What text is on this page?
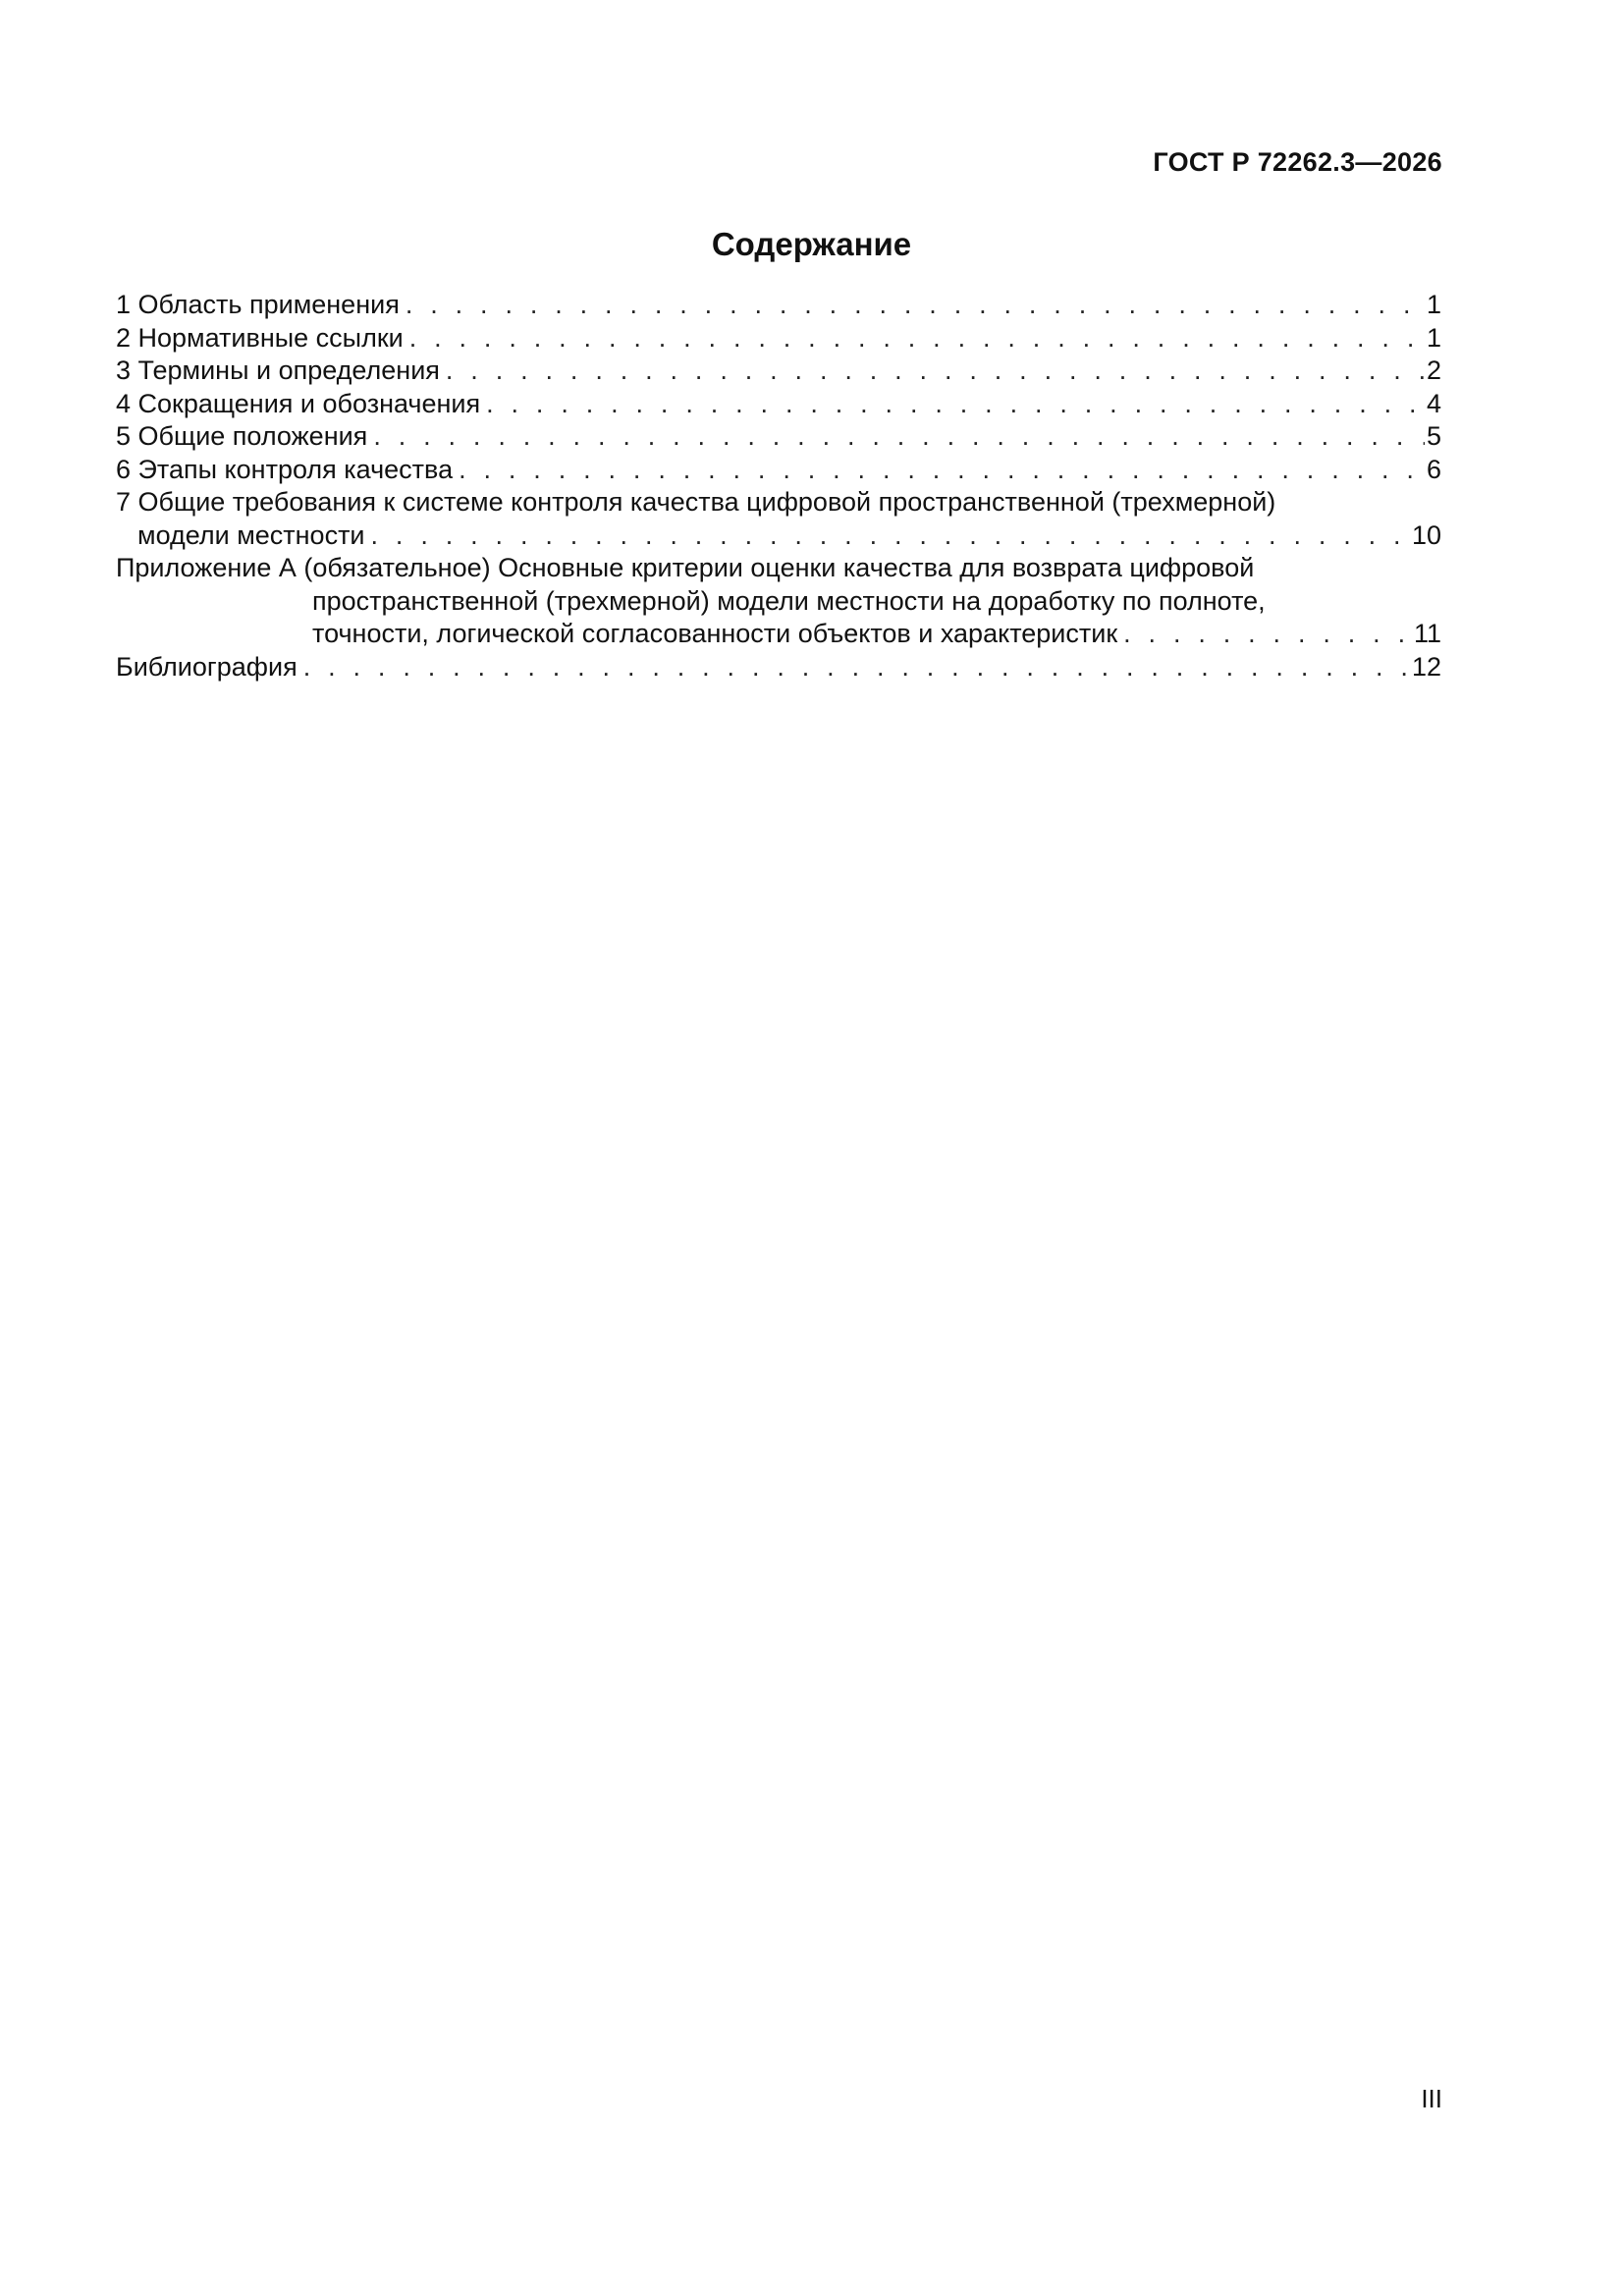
ГОСТ Р 72262.3—2026
Содержание
1 Область применения . . .	1
2 Нормативные ссылки . . .	1
3 Термины и определения . . .	2
4 Сокращения и обозначения . . .	4
5 Общие положения . . .	5
6 Этапы контроля качества . . .	6
7 Общие требования к системе контроля качества цифровой пространственной (трехмерной)
модели местности . . .	10
Приложение А (обязательное) Основные критерии оценки качества для возврата цифровой
пространственной (трехмерной) модели местности на доработку по полноте,
точности, логической согласованности объектов и характеристик . . .	11
Библиография . . .	12
III
